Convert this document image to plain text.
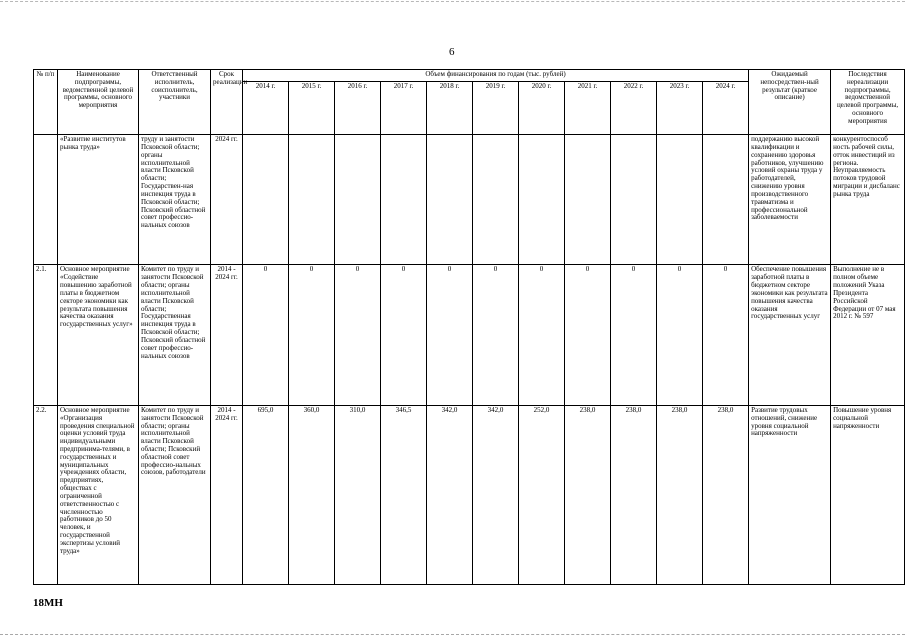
6
№ п/п	Наименование подпрограммы, ведомственной целевой программы, основного мероприятия	Ответственный исполнитель, соисполнитель, участники	Срок реализации	Объем финансирования по годам (тыс. рублей)											Ожидаемый непосредствен-ный результат (краткое описание)	Последствия нереализации подпрограммы, ведомственной целевой программы, основного мероприятия
				2014 г.	2015 г.	2016 г.	2017 г.	2018 г.	2019 г.	2020 г.	2021 г.	2022 г.	2023 г.	2024 г.		
	«Развитие институтов рынка труда»	труду и занятости Псковской области; органы исполнительной власти Псковской области; Государствен-ная инспекция труда в Псковской области; Псковский областной совет профессио-нальных союзов	2024 гг.												поддержанию высокой квалификации и сохранению здоровья работников, улучшению условий охраны труда у работодателей, снижению уровня производственного травматизма и профессиональной заболеваемости	конкурентоспособ ность рабочей силы, отток инвестиций из региона. Неуправляемость потоков трудовой миграции и дисбаланс рынка труда
2.1.	Основное мероприятие «Содействие повышению заработной платы в бюджетном секторе экономики как результата повышения качества оказания государственных услуг»	Комитет по труду и занятости Псковской области; органы исполнительной власти Псковской области; Государственная инспекция труда в Псковской области; Псковский областной совет профессио-нальных союзов	2014 - 2024 гг.	0	0	0	0	0	0	0	0	0	0	0	Обеспечение повышения заработной платы в бюджетном секторе экономики как результата повышения качества оказания государственных услуг	Выполнение не в полном объеме положений Указа Президента Российской Федерации от 07 мая 2012 г. № 597
2.2.	Основное мероприятие «Организация проведения специальной оценки условий труда индивидуальными предпринима-телями, в государственных и муниципальных учреждениях области, предприятиях, обществах с ограниченной ответственностью с численностью работников до 50 человек, и государственной экспертизы условий труда»	Комитет по труду и занятости Псковской области; органы исполнительной власти Псковской области; Псковский областной совет профессио-нальных союзов, работодатели	2014 - 2024 гг.	695,0	360,0	310,0	346,5	342,0	342,0	252,0	238,0	238,0	238,0	238,0	Развитие трудовых отношений, снижение уровня социальной напряженности	Повышение уровня социальной напряженности
18МН
